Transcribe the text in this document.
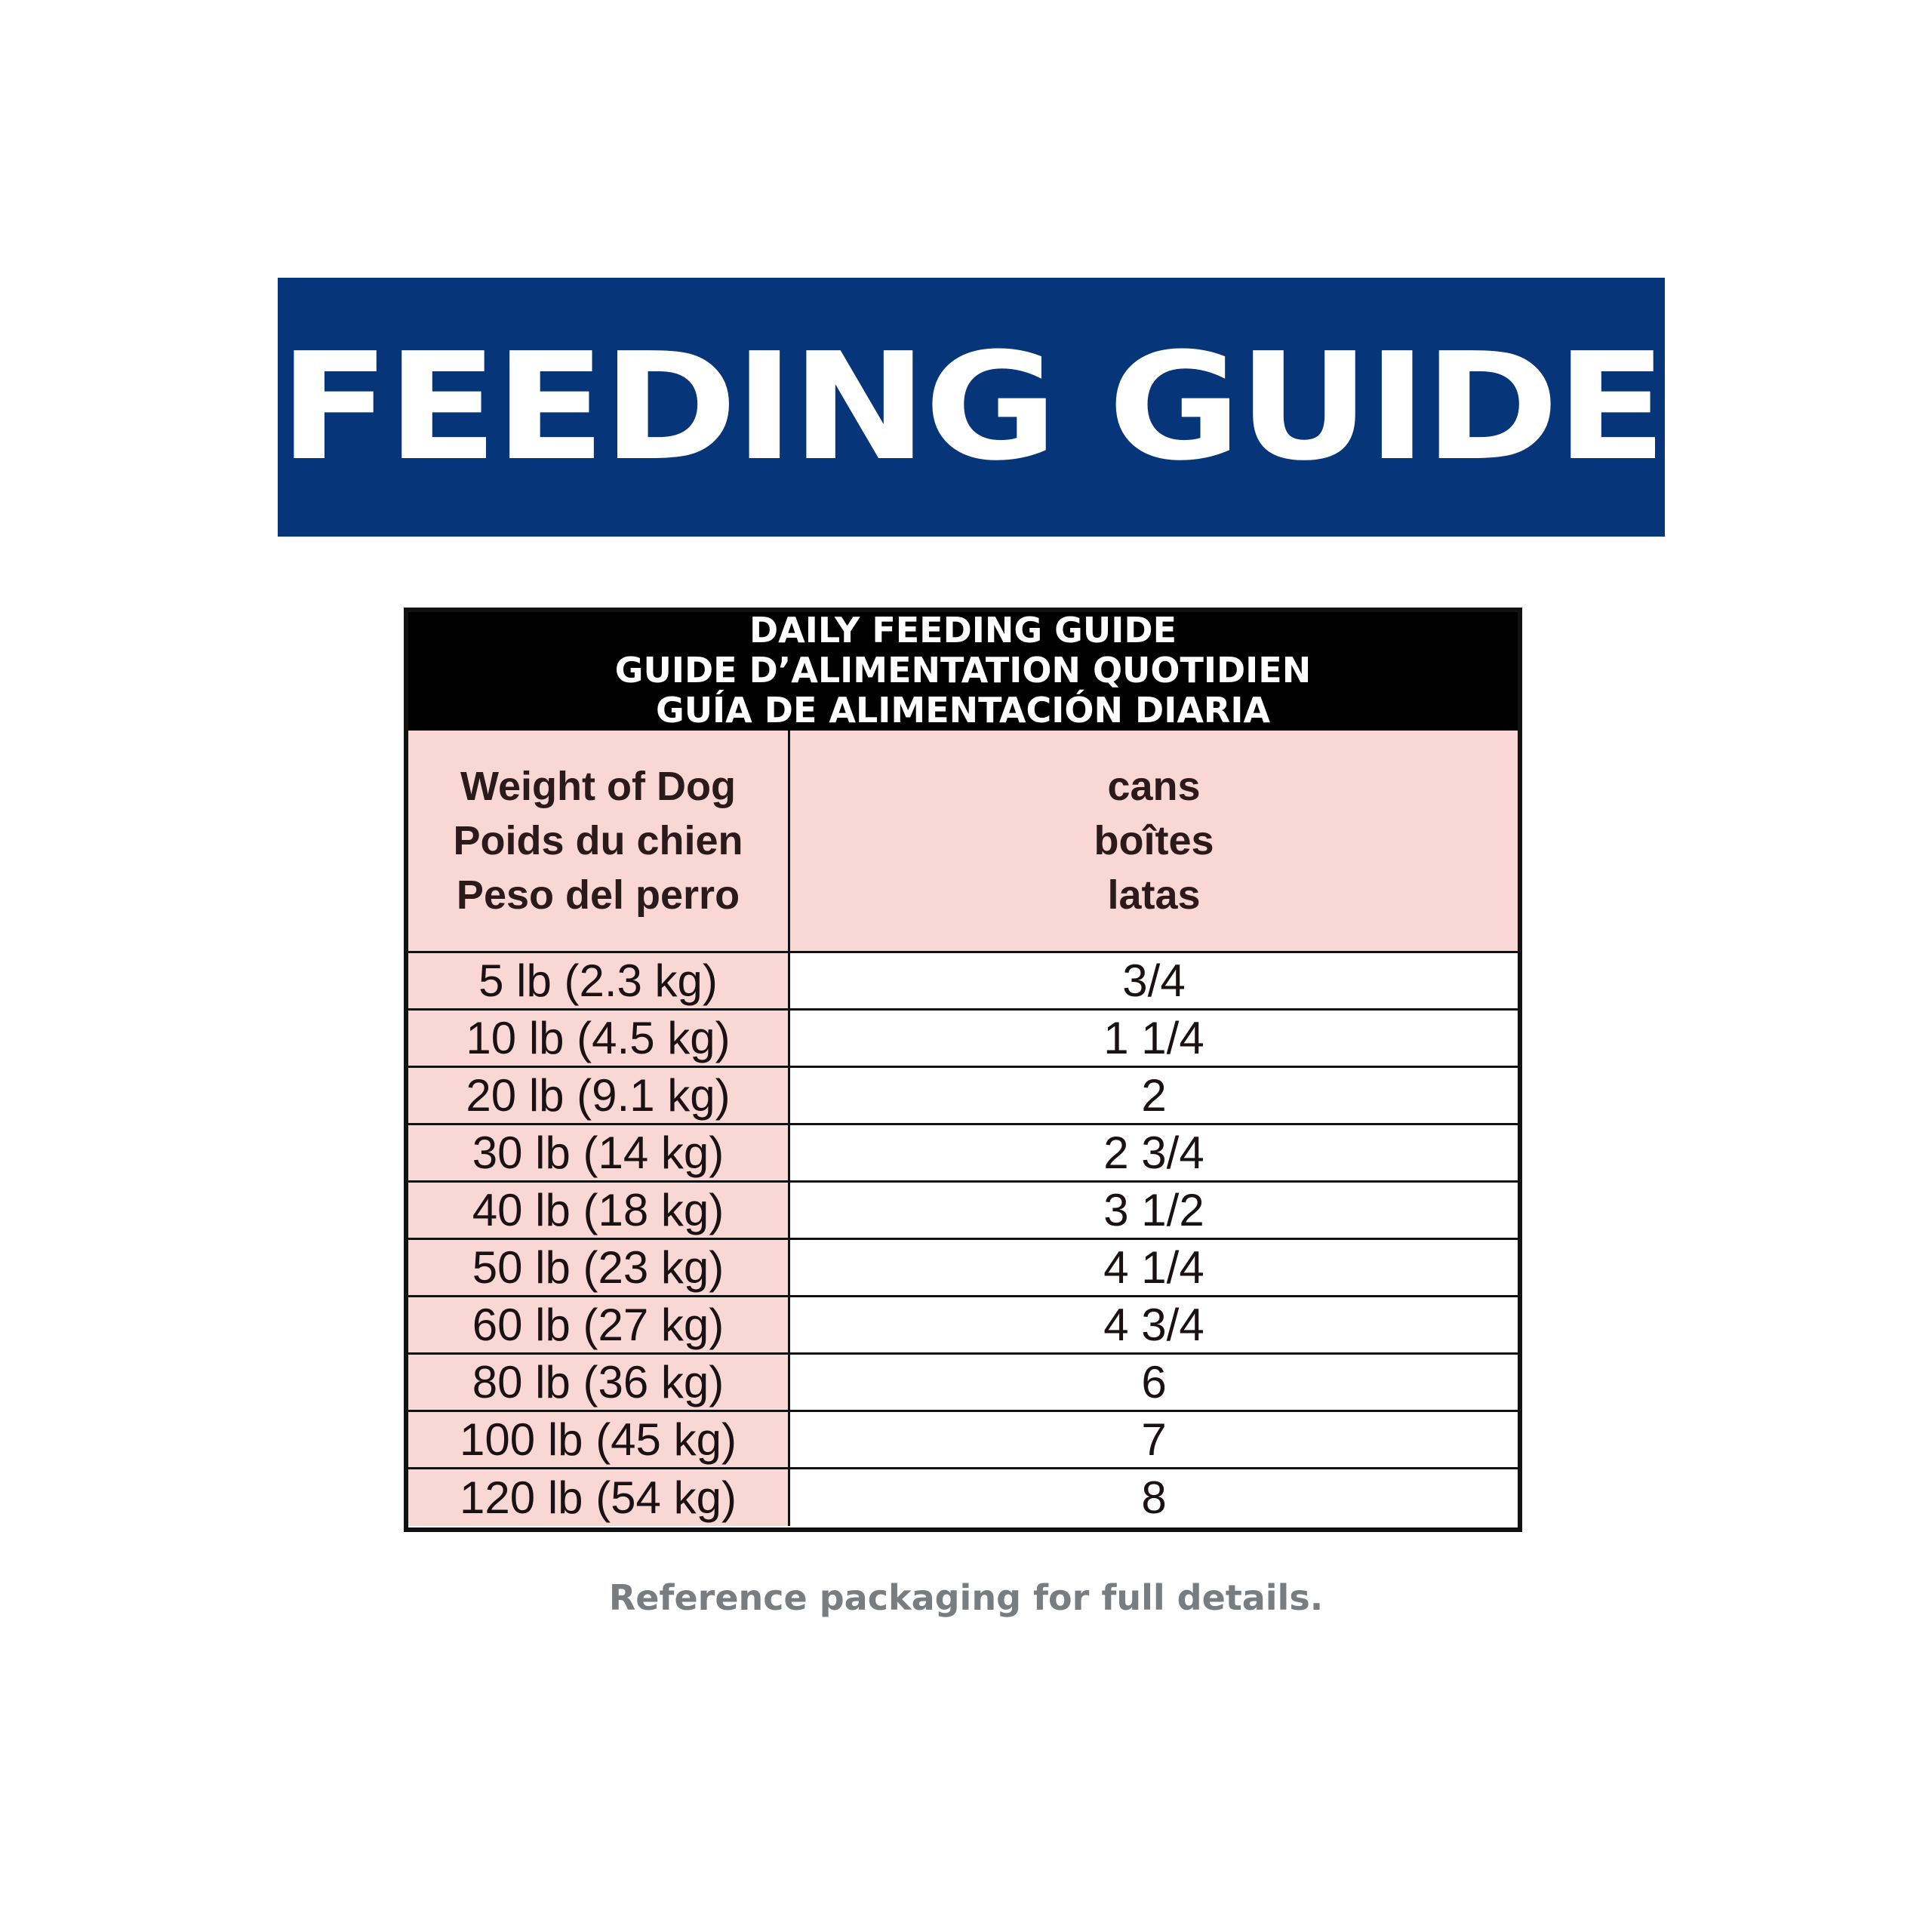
FEEDING GUIDE
DAILY FEEDING GUIDE
GUIDE D’ALIMENTATION QUOTIDIEN
GUÍA DE ALIMENTACIÓN DIARIA
Weight of Dog
Poids du chien
Peso del perro
cans
boîtes
latas
5 lb (2.3 kg)	3/4
10 lb (4.5 kg)	1 1/4
20 lb (9.1 kg)	2
30 lb (14 kg)	2 3/4
40 lb (18 kg)	3 1/2
50 lb (23 kg)	4 1/4
60 lb (27 kg)	4 3/4
80 lb (36 kg)	6
100 lb (45 kg)	7
120 lb (54 kg)	8
Reference packaging for full details.
